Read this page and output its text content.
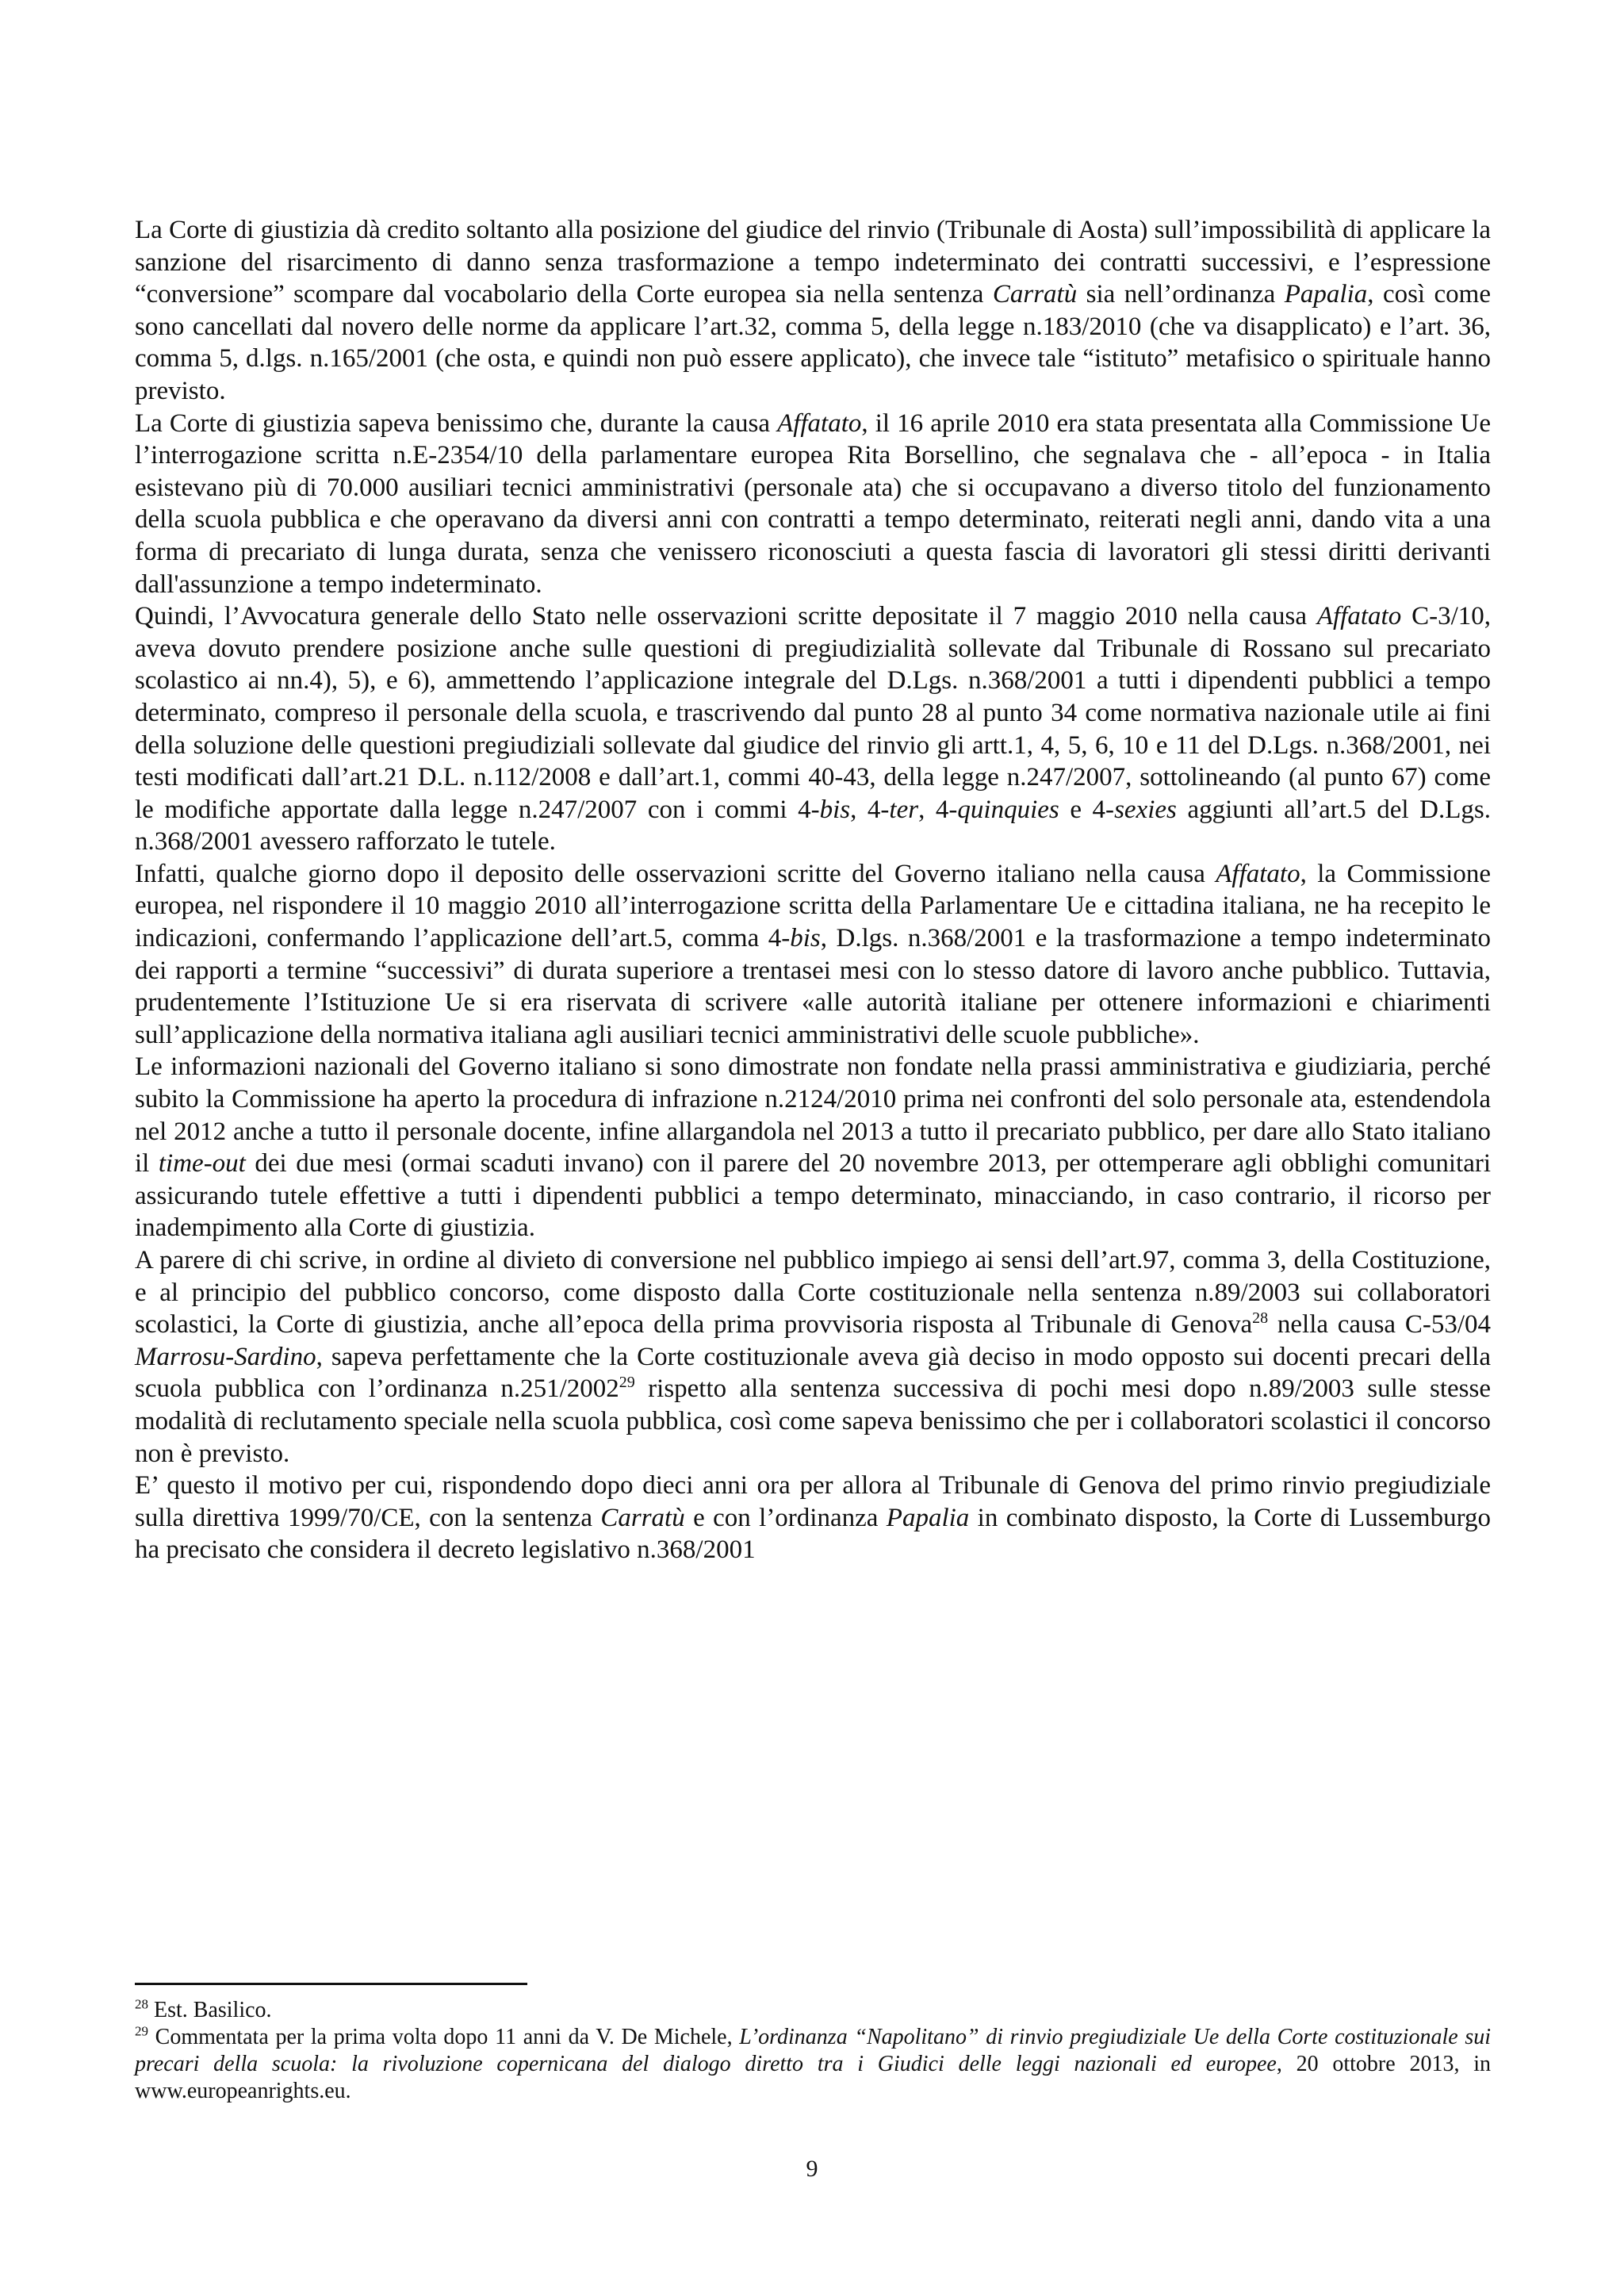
La Corte di giustizia dà credito soltanto alla posizione del giudice del rinvio (Tribunale di Aosta) sull’impossibilità di applicare la sanzione del risarcimento di danno senza trasformazione a tempo indeterminato dei contratti successivi, e l’espressione “conversione” scompare dal vocabolario della Corte europea sia nella sentenza Carratù sia nell’ordinanza Papalia, così come sono cancellati dal novero delle norme da applicare l’art.32, comma 5, della legge n.183/2010 (che va disapplicato) e l’art. 36, comma 5, d.lgs. n.165/2001 (che osta, e quindi non può essere applicato), che invece tale “istituto” metafisico o spirituale hanno previsto.

La Corte di giustizia sapeva benissimo che, durante la causa Affatato, il 16 aprile 2010 era stata presentata alla Commissione Ue l’interrogazione scritta n.E-2354/10 della parlamentare europea Rita Borsellino, che segnalava che - all’epoca - in Italia esistevano più di 70.000 ausiliari tecnici amministrativi (personale ata) che si occupavano a diverso titolo del funzionamento della scuola pubblica e che operavano da diversi anni con contratti a tempo determinato, reiterati negli anni, dando vita a una forma di precariato di lunga durata, senza che venissero riconosciuti a questa fascia di lavoratori gli stessi diritti derivanti dall'assunzione a tempo indeterminato.

Quindi, l’Avvocatura generale dello Stato nelle osservazioni scritte depositate il 7 maggio 2010 nella causa Affatato C-3/10, aveva dovuto prendere posizione anche sulle questioni di pregiudizialità sollevate dal Tribunale di Rossano sul precariato scolastico ai nn.4), 5), e 6), ammettendo l’applicazione integrale del D.Lgs. n.368/2001 a tutti i dipendenti pubblici a tempo determinato, compreso il personale della scuola, e trascrivendo dal punto 28 al punto 34 come normativa nazionale utile ai fini della soluzione delle questioni pregiudiziali sollevate dal giudice del rinvio gli artt.1, 4, 5, 6, 10 e 11 del D.Lgs. n.368/2001, nei testi modificati dall’art.21 D.L. n.112/2008 e dall’art.1, commi 40-43, della legge n.247/2007, sottolineando (al punto 67) come le modifiche apportate dalla legge n.247/2007 con i commi 4-bis, 4-ter, 4-quinquies e 4-sexies aggiunti all’art.5 del D.Lgs. n.368/2001 avessero rafforzato le tutele.

Infatti, qualche giorno dopo il deposito delle osservazioni scritte del Governo italiano nella causa Affatato, la Commissione europea, nel rispondere il 10 maggio 2010 all’interrogazione scritta della Parlamentare Ue e cittadina italiana, ne ha recepito le indicazioni, confermando l’applicazione dell’art.5, comma 4-bis, D.lgs. n.368/2001 e la trasformazione a tempo indeterminato dei rapporti a termine “successivi” di durata superiore a trentasei mesi con lo stesso datore di lavoro anche pubblico. Tuttavia, prudentemente l’Istituzione Ue si era riservata di scrivere «alle autorità italiane per ottenere informazioni e chiarimenti sull’applicazione della normativa italiana agli ausiliari tecnici amministrativi delle scuole pubbliche».

Le informazioni nazionali del Governo italiano si sono dimostrate non fondate nella prassi amministrativa e giudiziaria, perché subito la Commissione ha aperto la procedura di infrazione n.2124/2010 prima nei confronti del solo personale ata, estendendola nel 2012 anche a tutto il personale docente, infine allargandola nel 2013 a tutto il precariato pubblico, per dare allo Stato italiano il time-out dei due mesi (ormai scaduti invano) con il parere del 20 novembre 2013, per ottemperare agli obblighi comunitari assicurando tutele effettive a tutti i dipendenti pubblici a tempo determinato, minacciando, in caso contrario, il ricorso per inadempimento alla Corte di giustizia.

A parere di chi scrive, in ordine al divieto di conversione nel pubblico impiego ai sensi dell’art.97, comma 3, della Costituzione, e al principio del pubblico concorso, come disposto dalla Corte costituzionale nella sentenza n.89/2003 sui collaboratori scolastici, la Corte di giustizia, anche all’epoca della prima provvisoria risposta al Tribunale di Genova$^{28}$ nella causa C-53/04 Marrosu-Sardino, sapeva perfettamente che la Corte costituzionale aveva già deciso in modo opposto sui docenti precari della scuola pubblica con l’ordinanza n.251/2002$^{29}$ rispetto alla sentenza successiva di pochi mesi dopo n.89/2003 sulle stesse modalità di reclutamento speciale nella scuola pubblica, così come sapeva benissimo che per i collaboratori scolastici il concorso non è previsto.

E’ questo il motivo per cui, rispondendo dopo dieci anni ora per allora al Tribunale di Genova del primo rinvio pregiudiziale sulla direttiva 1999/70/CE, con la sentenza Carratù e con l’ordinanza Papalia in combinato disposto, la Corte di Lussemburgo ha precisato che considera il decreto legislativo n.368/2001

$^{28}$ Est. Basilico.

$^{29}$ Commentata per la prima volta dopo 11 anni da V. De Michele, L’ordinanza “Napolitano” di rinvio pregiudiziale Ue della Corte costituzionale sui precari della scuola: la rivoluzione copernicana del dialogo diretto tra i Giudici delle leggi nazionali ed europee, 20 ottobre 2013, in www.europeanrights.eu.

9
